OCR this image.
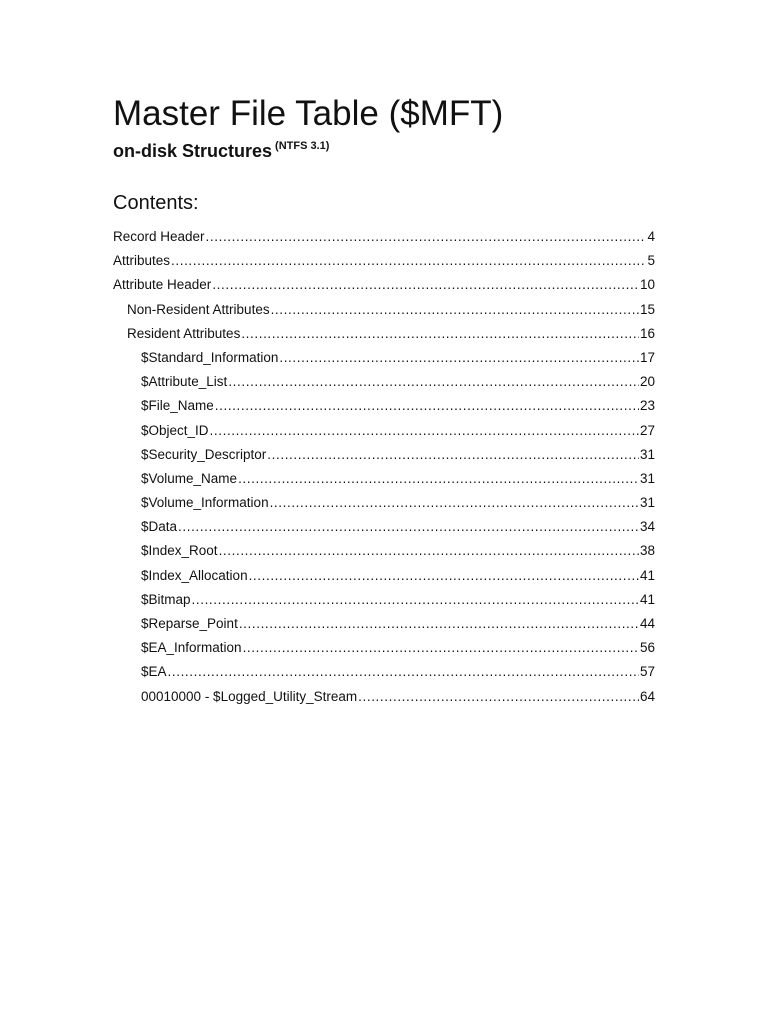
Master File Table ($MFT)
on-disk Structures $^{(NTFS 3.1)}$
Contents:
Record Header .....	4
Attributes .....	5
Attribute Header .....	10
Non-Resident Attributes .....	15
Resident Attributes .....	16
$Standard_Information .....	17
$Attribute_List .....	20
$File_Name .....	23
$Object_ID .....	27
$Security_Descriptor .....	31
$Volume_Name .....	31
$Volume_Information .....	31
$Data .....	34
$Index_Root .....	38
$Index_Allocation .....	41
$Bitmap .....	41
$Reparse_Point .....	44
$EA_Information .....	56
$EA .....	57
00010000 - $Logged_Utility_Stream .....	64
